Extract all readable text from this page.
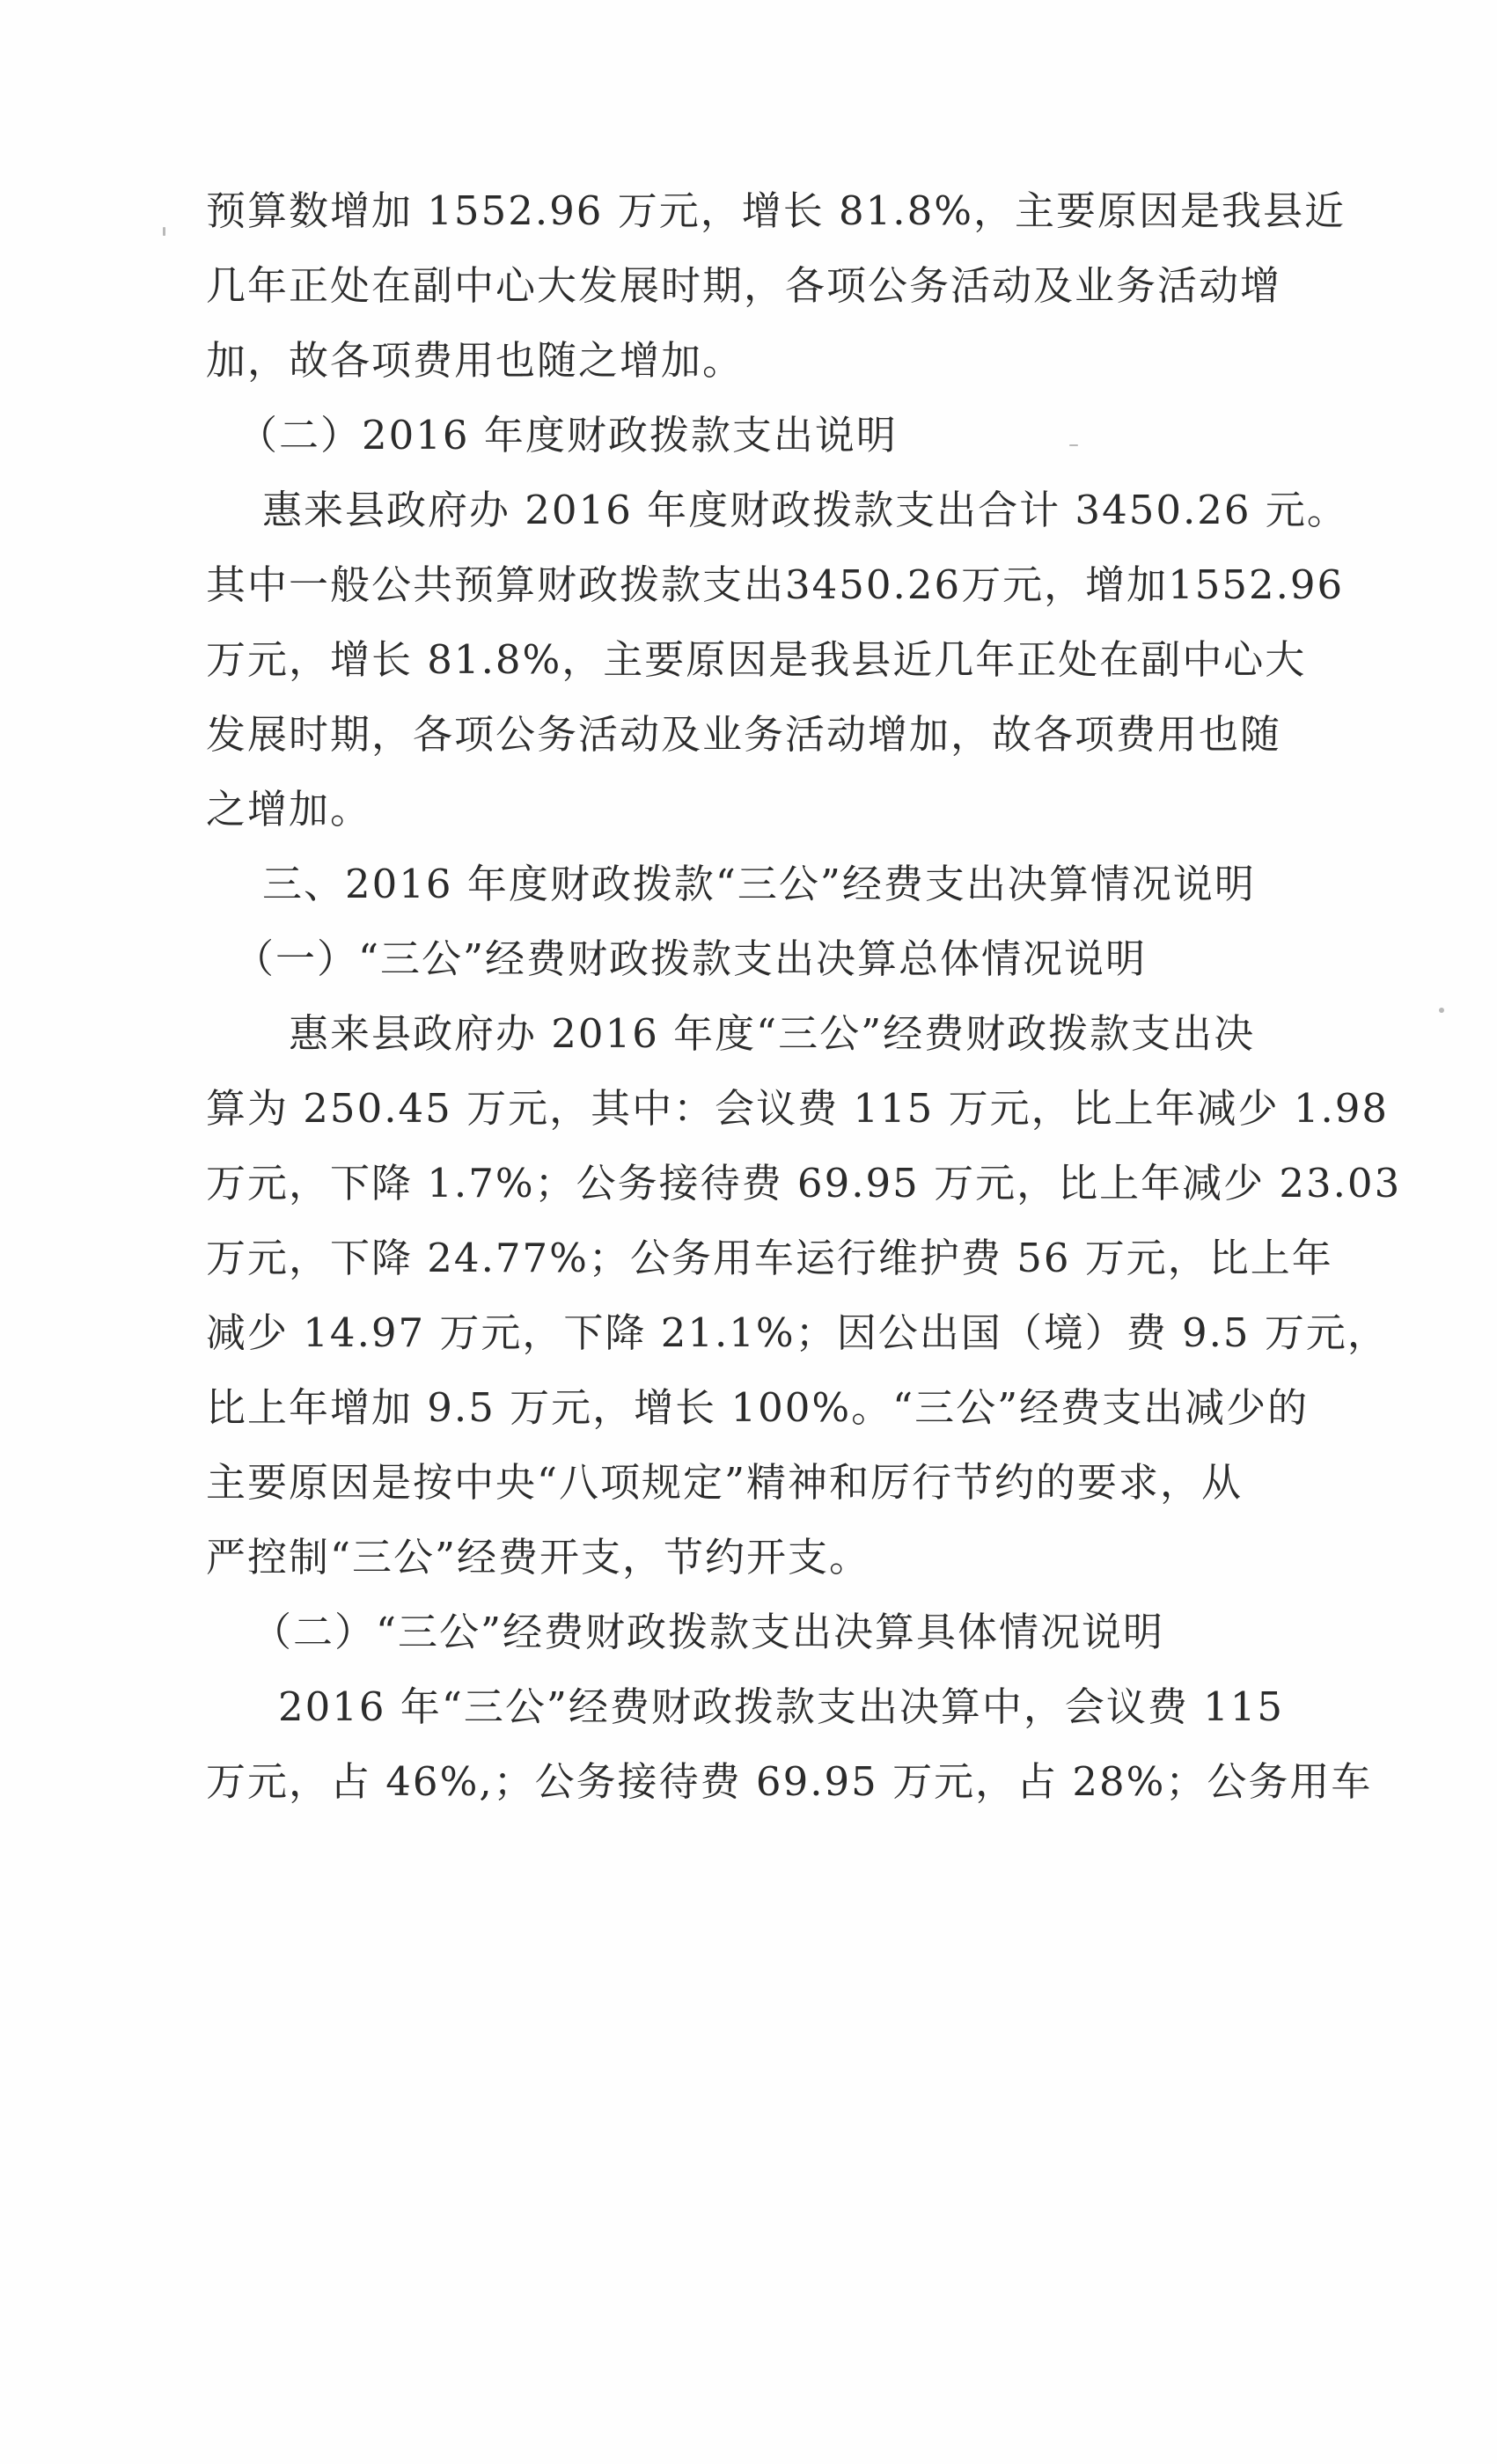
预算数增加 1552.96 万元，增长 81.8%，主要原因是我县近
几年正处在副中心大发展时期，各项公务活动及业务活动增
加，故各项费用也随之增加。
（二）2016 年度财政拨款支出说明
惠来县政府办 2016 年度财政拨款支出合计 3450.26 元。
其中一般公共预算财政拨款支出3450.26万元，增加1552.96
万元，增长 81.8%，主要原因是我县近几年正处在副中心大
发展时期，各项公务活动及业务活动增加，故各项费用也随
之增加。
三、2016 年度财政拨款“三公”经费支出决算情况说明
（一）“三公”经费财政拨款支出决算总体情况说明
惠来县政府办 2016 年度“三公”经费财政拨款支出决
算为 250.45 万元，其中：会议费 115 万元，比上年减少 1.98
万元，下降 1.7%；公务接待费 69.95 万元，比上年减少 23.03
万元，下降 24.77%；公务用车运行维护费 56 万元，比上年
减少 14.97 万元，下降 21.1%；因公出国（境）费 9.5 万元，
比上年增加 9.5 万元，增长 100%。“三公”经费支出减少的
主要原因是按中央“八项规定”精神和厉行节约的要求，从
严控制“三公”经费开支，节约开支。
（二）“三公”经费财政拨款支出决算具体情况说明
2016 年“三公”经费财政拨款支出决算中，会议费 115
万元，占 46%,；公务接待费 69.95 万元，占 28%；公务用车
